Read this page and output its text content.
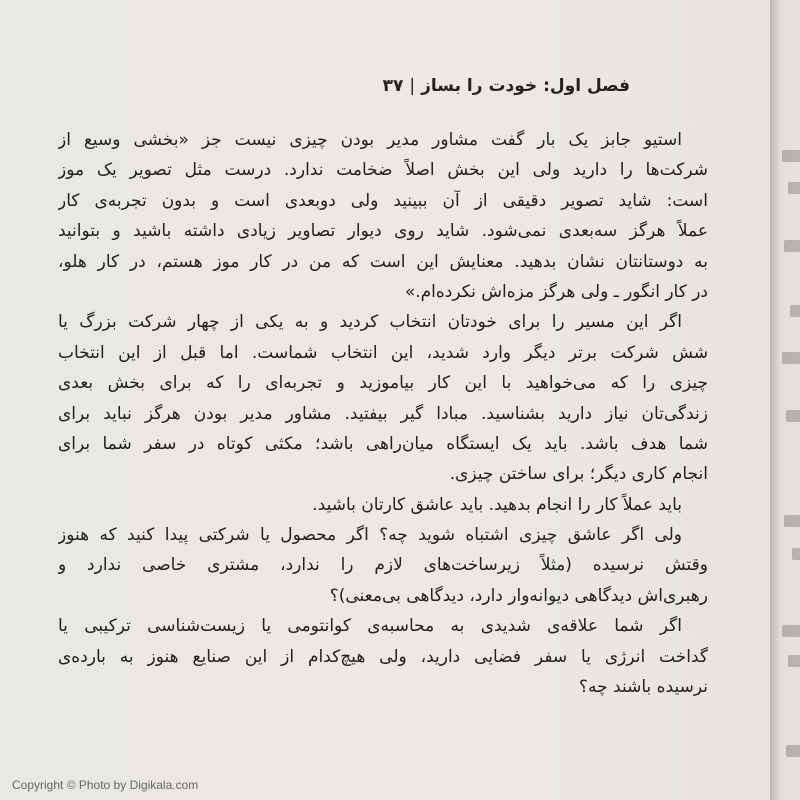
فصل اول: خودت را بساز|۳۷
استیو جابز یک بار گفت مشاور مدیر بودن چیزی نیست جز «بخشی وسیع از
شرکت‌ها را دارید ولی این بخش اصلاً ضخامت ندارد. درست مثل تصویر یک موز
است: شاید تصویر دقیقی از آن ببینید ولی دوبعدی است و بدون تجربه‌ی کار
عملاً هرگز سه‌بعدی نمی‌شود. شاید روی دیوار تصاویر زیادی داشته باشید و بتوانید
به دوستانتان نشان بدهید. معنایش این است که من در کار موز هستم، در کار هلو،
در کار انگور ـ ولی هرگز مزه‌اش نکرده‌ام.»
اگر این مسیر را برای خودتان انتخاب کردید و به یکی از چهار شرکت بزرگ یا
شش شرکت برتر دیگر وارد شدید، این انتخاب شماست. اما قبل از این انتخاب
چیزی را که می‌خواهید با این کار بیاموزید و تجربه‌ای را که برای بخش بعدی
زندگی‌تان نیاز دارید بشناسید. مبادا گیر بیفتید. مشاور مدیر بودن هرگز نباید برای
شما هدف باشد. باید یک ایستگاه میان‌راهی باشد؛ مکثی کوتاه در سفر شما برای
انجام کاری دیگر؛ برای ساختن چیزی.
باید عملاً کار را انجام بدهید. باید عاشق کارتان باشید.
ولی اگر عاشق چیزی اشتباه شوید چه؟ اگر محصول یا شرکتی پیدا کنید که هنوز
وقتش نرسیده (مثلاً زیرساخت‌های لازم را ندارد، مشتری خاصی ندارد و
رهبری‌اش دیدگاهی دیوانه‌وار دارد، دیدگاهی بی‌معنی)؟
اگر شما علاقه‌ی شدیدی به محاسبه‌ی کوانتومی یا زیست‌شناسی ترکیبی یا
گداخت انرژی یا سفر فضایی دارید، ولی هیچ‌کدام از این صنایع هنوز به بارده‌ی
نرسیده باشند چه؟
Copyright © Photo by Digikala.com
